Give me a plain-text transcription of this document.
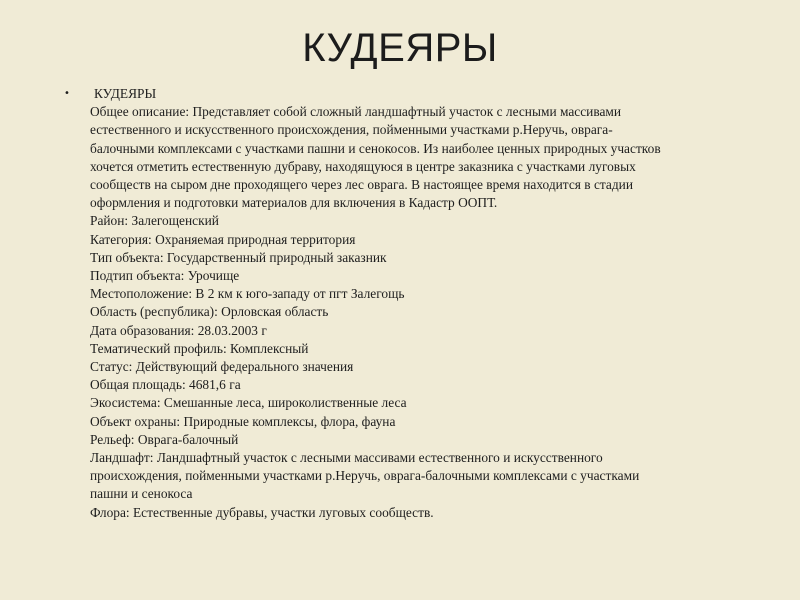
КУДЕЯРЫ
•	КУДЕЯРЫ
Общее описание: Представляет собой сложный ландшафтный участок с лесными массивами
естественного и искусственного происхождения, пойменными участками р.Неручь, оврага-
балочными комплексами с участками пашни и сенокосов. Из наиболее ценных природных участков
хочется отметить естественную дубраву, находящуюся в центре заказника с участками луговых
сообществ на сыром дне проходящего через лес оврага. В настоящее время находится в стадии
оформления и подготовки материалов для включения в Кадастр ООПТ.
Район: Залегощенский
Категория: Охраняемая природная территория
Тип объекта: Государственный природный заказник
Подтип объекта: Урочище
Местоположение: В 2 км к юго-западу от пгт Залегощь
Область (республика): Орловская область
Дата образования: 28.03.2003 г
Тематический профиль: Комплексный
Статус: Действующий федерального значения
Общая площадь: 4681,6 га
Экосистема: Смешанные леса, широколиственные леса
Объект охраны: Природные комплексы, флора, фауна
Рельеф: Оврага-балочный
Ландшафт: Ландшафтный участок с лесными массивами естественного и искусственного
происхождения, пойменными участками р.Неручь, оврага-балочными комплексами с участками
пашни и сенокоса
Флора: Естественные дубравы, участки луговых сообществ.
